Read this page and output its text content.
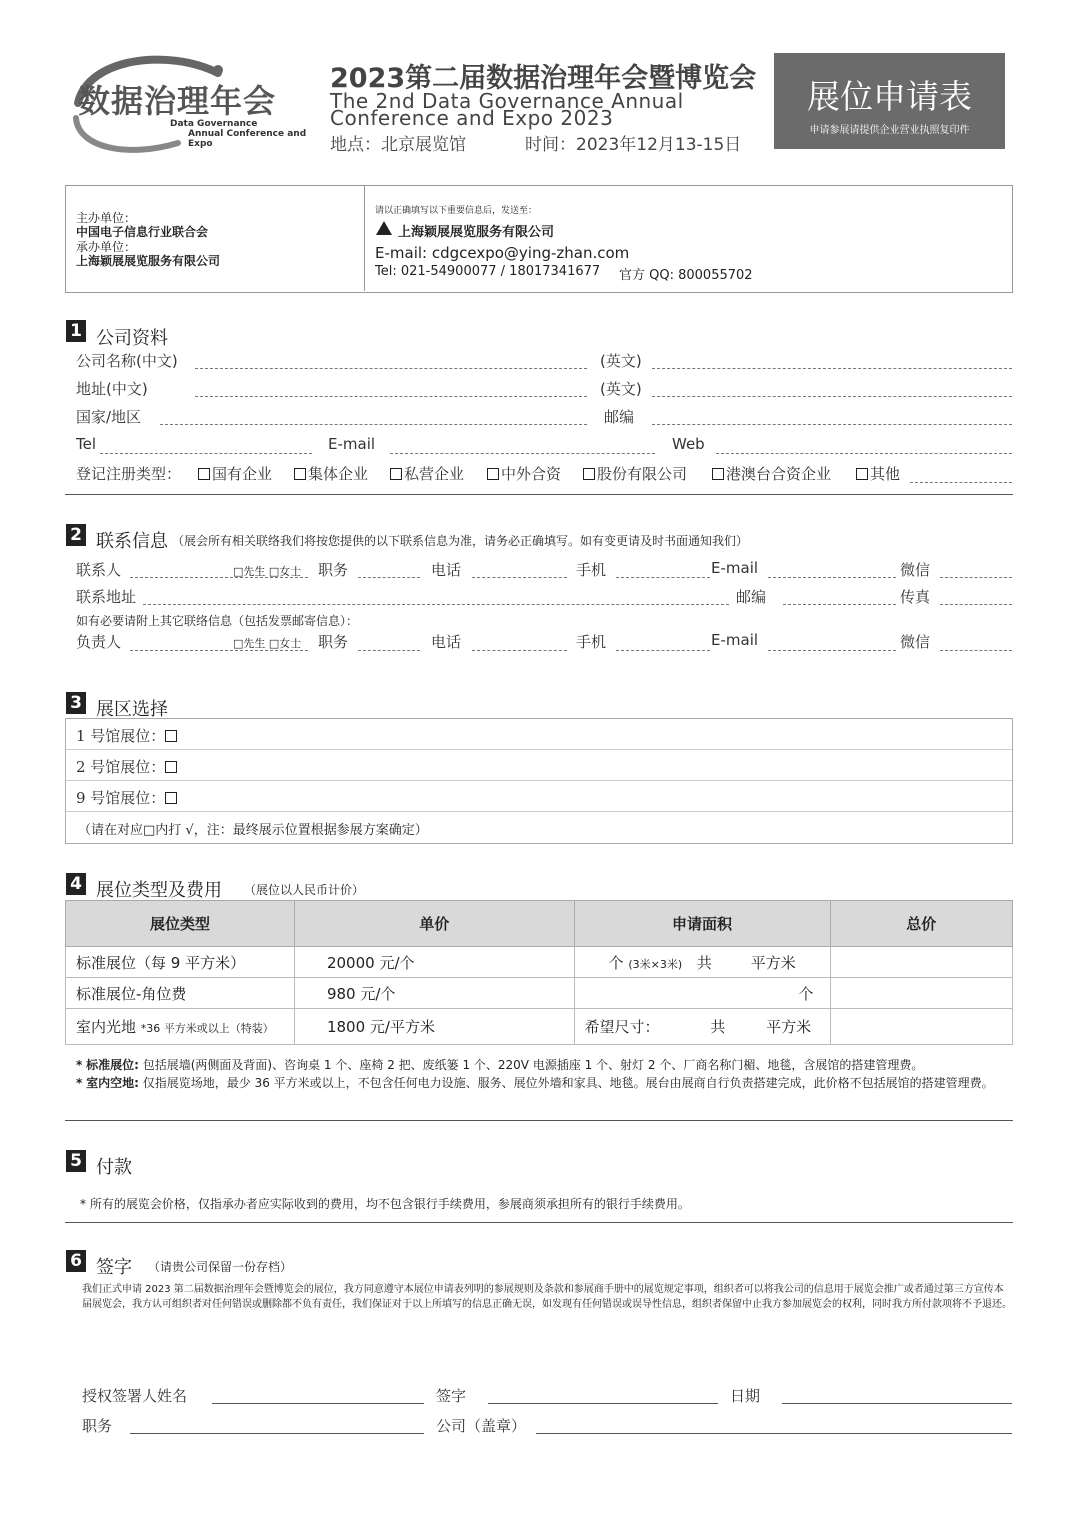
数据治理年会
Data Governance
Annual Conference and Expo
2023第二届数据治理年会暨博览会
The 2nd Data Governance Annual
Conference and Expo 2023
地点：北京展览馆	时间：2023年12月13-15日
展位申请表
申请参展请提供企业营业执照复印件
主办单位：
中国电子信息行业联合会
承办单位：
上海颖展展览服务有限公司
请以正确填写以下重要信息后，发送至：
上海颖展展览服务有限公司
E-mail: cdgcexpo@ying-zhan.com
Tel: 021-54900077 / 18017341677 官方 QQ: 800055702
1 公司资料
公司名称(中文)	(英文)
地址(中文)	(英文)
国家/地区	邮编
Tel	E-mail	Web
登记注册类型：	国有企业	集体企业	私营企业	中外合资	股份有限公司	港澳台合资企业	其他
2 联系信息 （展会所有相关联络我们将按您提供的以下联系信息为准，请务必正确填写。如有变更请及时书面通知我们）
联系人	□先生 □女士 职务	电话	手机	E-mail	微信
联系地址	邮编	传真
如有必要请附上其它联络信息（包括发票邮寄信息）：
负责人	□先生 □女士 职务	电话	手机	E-mail	微信
3 展区选择
1 号馆展位：
2 号馆展位：
9 号馆展位：
（请在对应□内打 √，注：最终展示位置根据参展方案确定）
4 展位类型及费用 （展位以人民币计价）
展位类型	单价	申请面积	总价
标准展位（每 9 平方米）	20000 元/个	个 (3米×3米) 共 平方米	
标准展位-角位费	980 元/个	个	
室内光地 *36 平方米或以上（特装）	1800 元/平方米	希望尺寸： 共 平方米	
* 标准展位: 包括展墙(两侧面及背面)、咨询桌 1 个、座椅 2 把、废纸篓 1 个、220V 电源插座 1 个、射灯 2 个、厂商名称门楣、地毯，含展馆的搭建管理费。
* 室内空地: 仅指展览场地，最少 36 平方米或以上，不包含任何电力设施、服务、展位外墙和家具、地毯。展台由展商自行负责搭建完成，此价格不包括展馆的搭建管理费。
5 付款
* 所有的展览会价格，仅指承办者应实际收到的费用，均不包含银行手续费用，参展商须承担所有的银行手续费用。
6 签字 （请贵公司保留一份存档）
我们正式申请 2023 第二届数据治理年会暨博览会的展位，我方同意遵守本展位申请表列明的参展规则及条款和参展商手册中的展览规定事项，组织者可以将我公司的信息用于展览会推广或者通过第三方宣传本届展览会，我方认可组织者对任何错误或删除都不负有责任，我们保证对于以上所填写的信息正确无误，如发现有任何错误或误导性信息，组织者保留中止我方参加展览会的权利，同时我方所付款项将不予退还。
授权签署人姓名	签字	日期
职务	公司（盖章）
